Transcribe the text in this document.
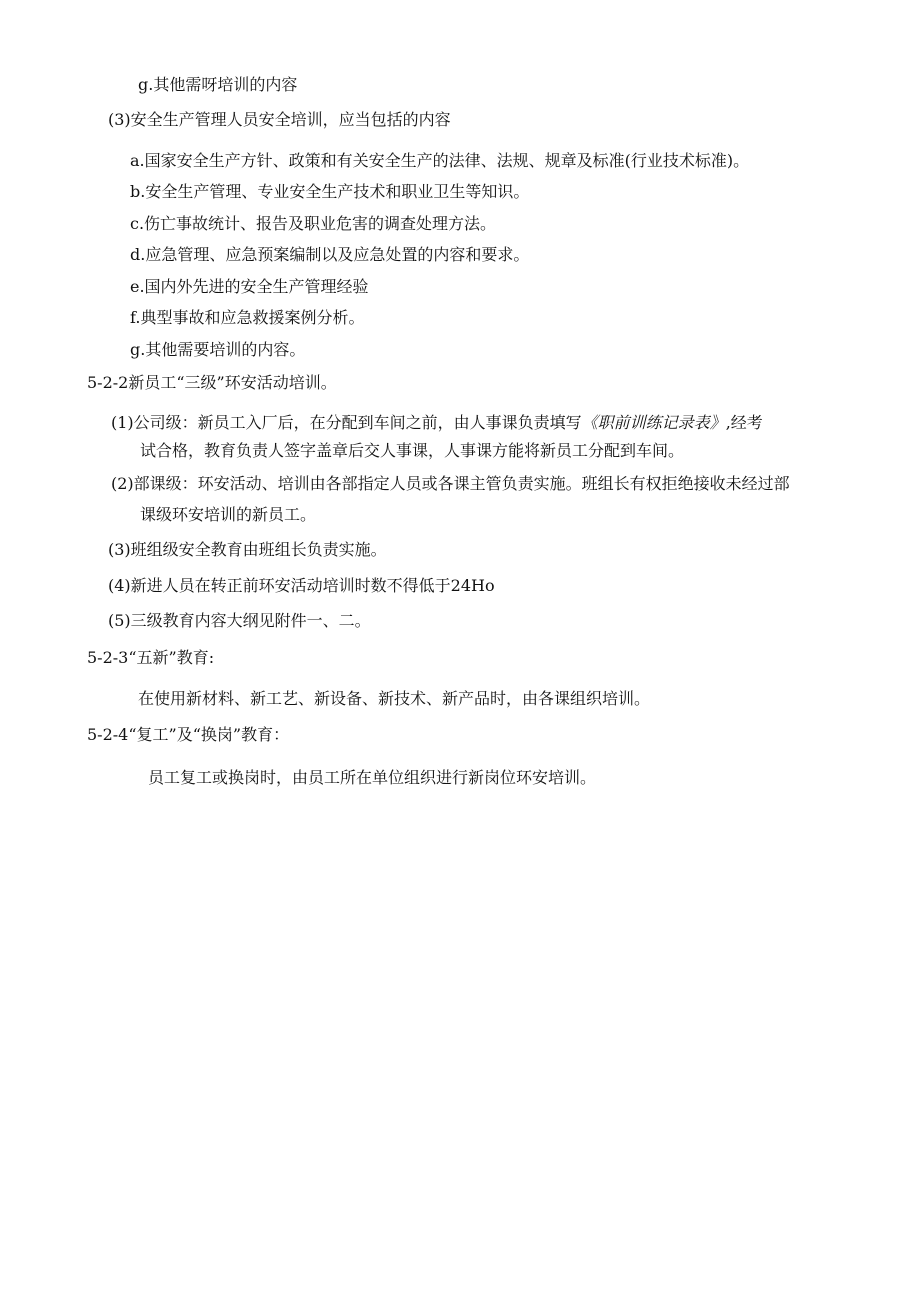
g.其他需呀培训的内容
(3)安全生产管理人员安全培训，应当包括的内容
a.国家安全生产方针、政策和有关安全生产的法律、法规、规章及标准(行业技术标准)。
b.安全生产管理、专业安全生产技术和职业卫生等知识。
c.伤亡事故统计、报告及职业危害的调查处理方法。
d.应急管理、应急预案编制以及应急处置的内容和要求。
e.国内外先进的安全生产管理经验
f.典型事故和应急救援案例分析。
g.其他需要培训的内容。
5-2-2新员工“三级”环安活动培训。
(1)公司级：新员工入厂后，在分配到车间之前，由人事课负责填写《职前训练记录表》,经考
试合格，教育负责人签字盖章后交人事课，人事课方能将新员工分配到车间。
(2)部课级：环安活动、培训由各部指定人员或各课主管负责实施。班组长有权拒绝接收未经过部
课级环安培训的新员工。
(3)班组级安全教育由班组长负责实施。
(4)新进人员在转正前环安活动培训时数不得低于24Ho
(5)三级教育内容大纲见附件一、二。
5-2-3“五新”教育:
在使用新材料、新工艺、新设备、新技术、新产品时，由各课组织培训。
5-2-4“复工”及“换岗”教育：
员工复工或换岗时，由员工所在单位组织进行新岗位环安培训。
